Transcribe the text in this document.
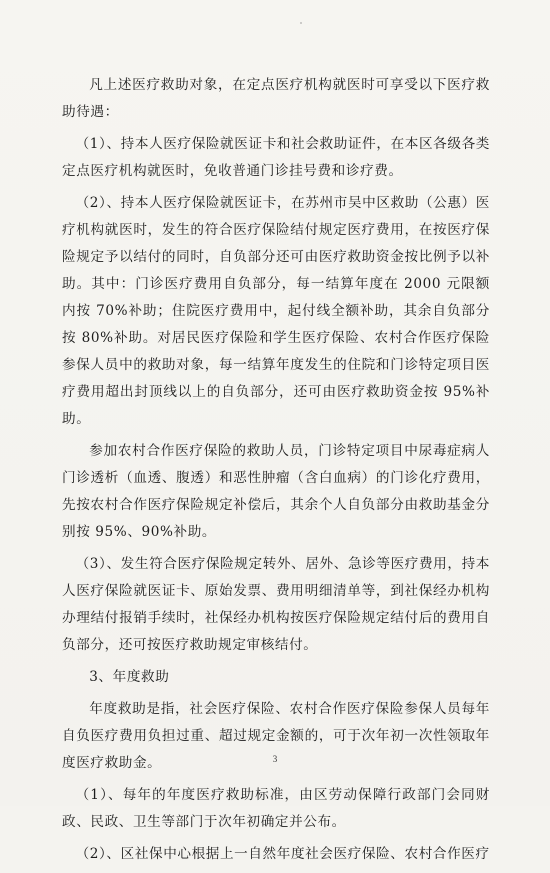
凡上述医疗救助对象，在定点医疗机构就医时可享受以下医疗救助待遇：

（1）、持本人医疗保险就医证卡和社会救助证件，在本区各级各类定点医疗机构就医时，免收普通门诊挂号费和诊疗费。

（2）、持本人医疗保险就医证卡，在苏州市吴中区救助（公惠）医疗机构就医时，发生的符合医疗保险结付规定医疗费用，在按医疗保险规定予以结付的同时，自负部分还可由医疗救助资金按比例予以补助。其中：门诊医疗费用自负部分，每一结算年度在 2000 元限额内按 70%补助；住院医疗费用中，起付线全额补助，其余自负部分按 80%补助。对居民医疗保险和学生医疗保险、农村合作医疗保险参保人员中的救助对象，每一结算年度发生的住院和门诊特定项目医疗费用超出封顶线以上的自负部分，还可由医疗救助资金按 95%补助。

参加农村合作医疗保险的救助人员，门诊特定项目中尿毒症病人门诊透析（血透、腹透）和恶性肿瘤（含白血病）的门诊化疗费用，先按农村合作医疗保险规定补偿后，其余个人自负部分由救助基金分别按 95%、90%补助。

（3）、发生符合医疗保险规定转外、居外、急诊等医疗费用，持本人医疗保险就医证卡、原始发票、费用明细清单等，到社保经办机构办理结付报销手续时，社保经办机构按医疗保险规定结付后的费用自负部分，还可按医疗救助规定审核结付。

3、年度救助

年度救助是指，社会医疗保险、农村合作医疗保险参保人员每年自负医疗费用负担过重、超过规定金额的，可于次年初一次性领取年度医疗救助金。

（1）、每年的年度医疗救助标准，由区劳动保障行政部门会同财政、民政、卫生等部门于次年初确定并公布。

（2）、区社保中心根据上一自然年度社会医疗保险、农村合作医疗

3
